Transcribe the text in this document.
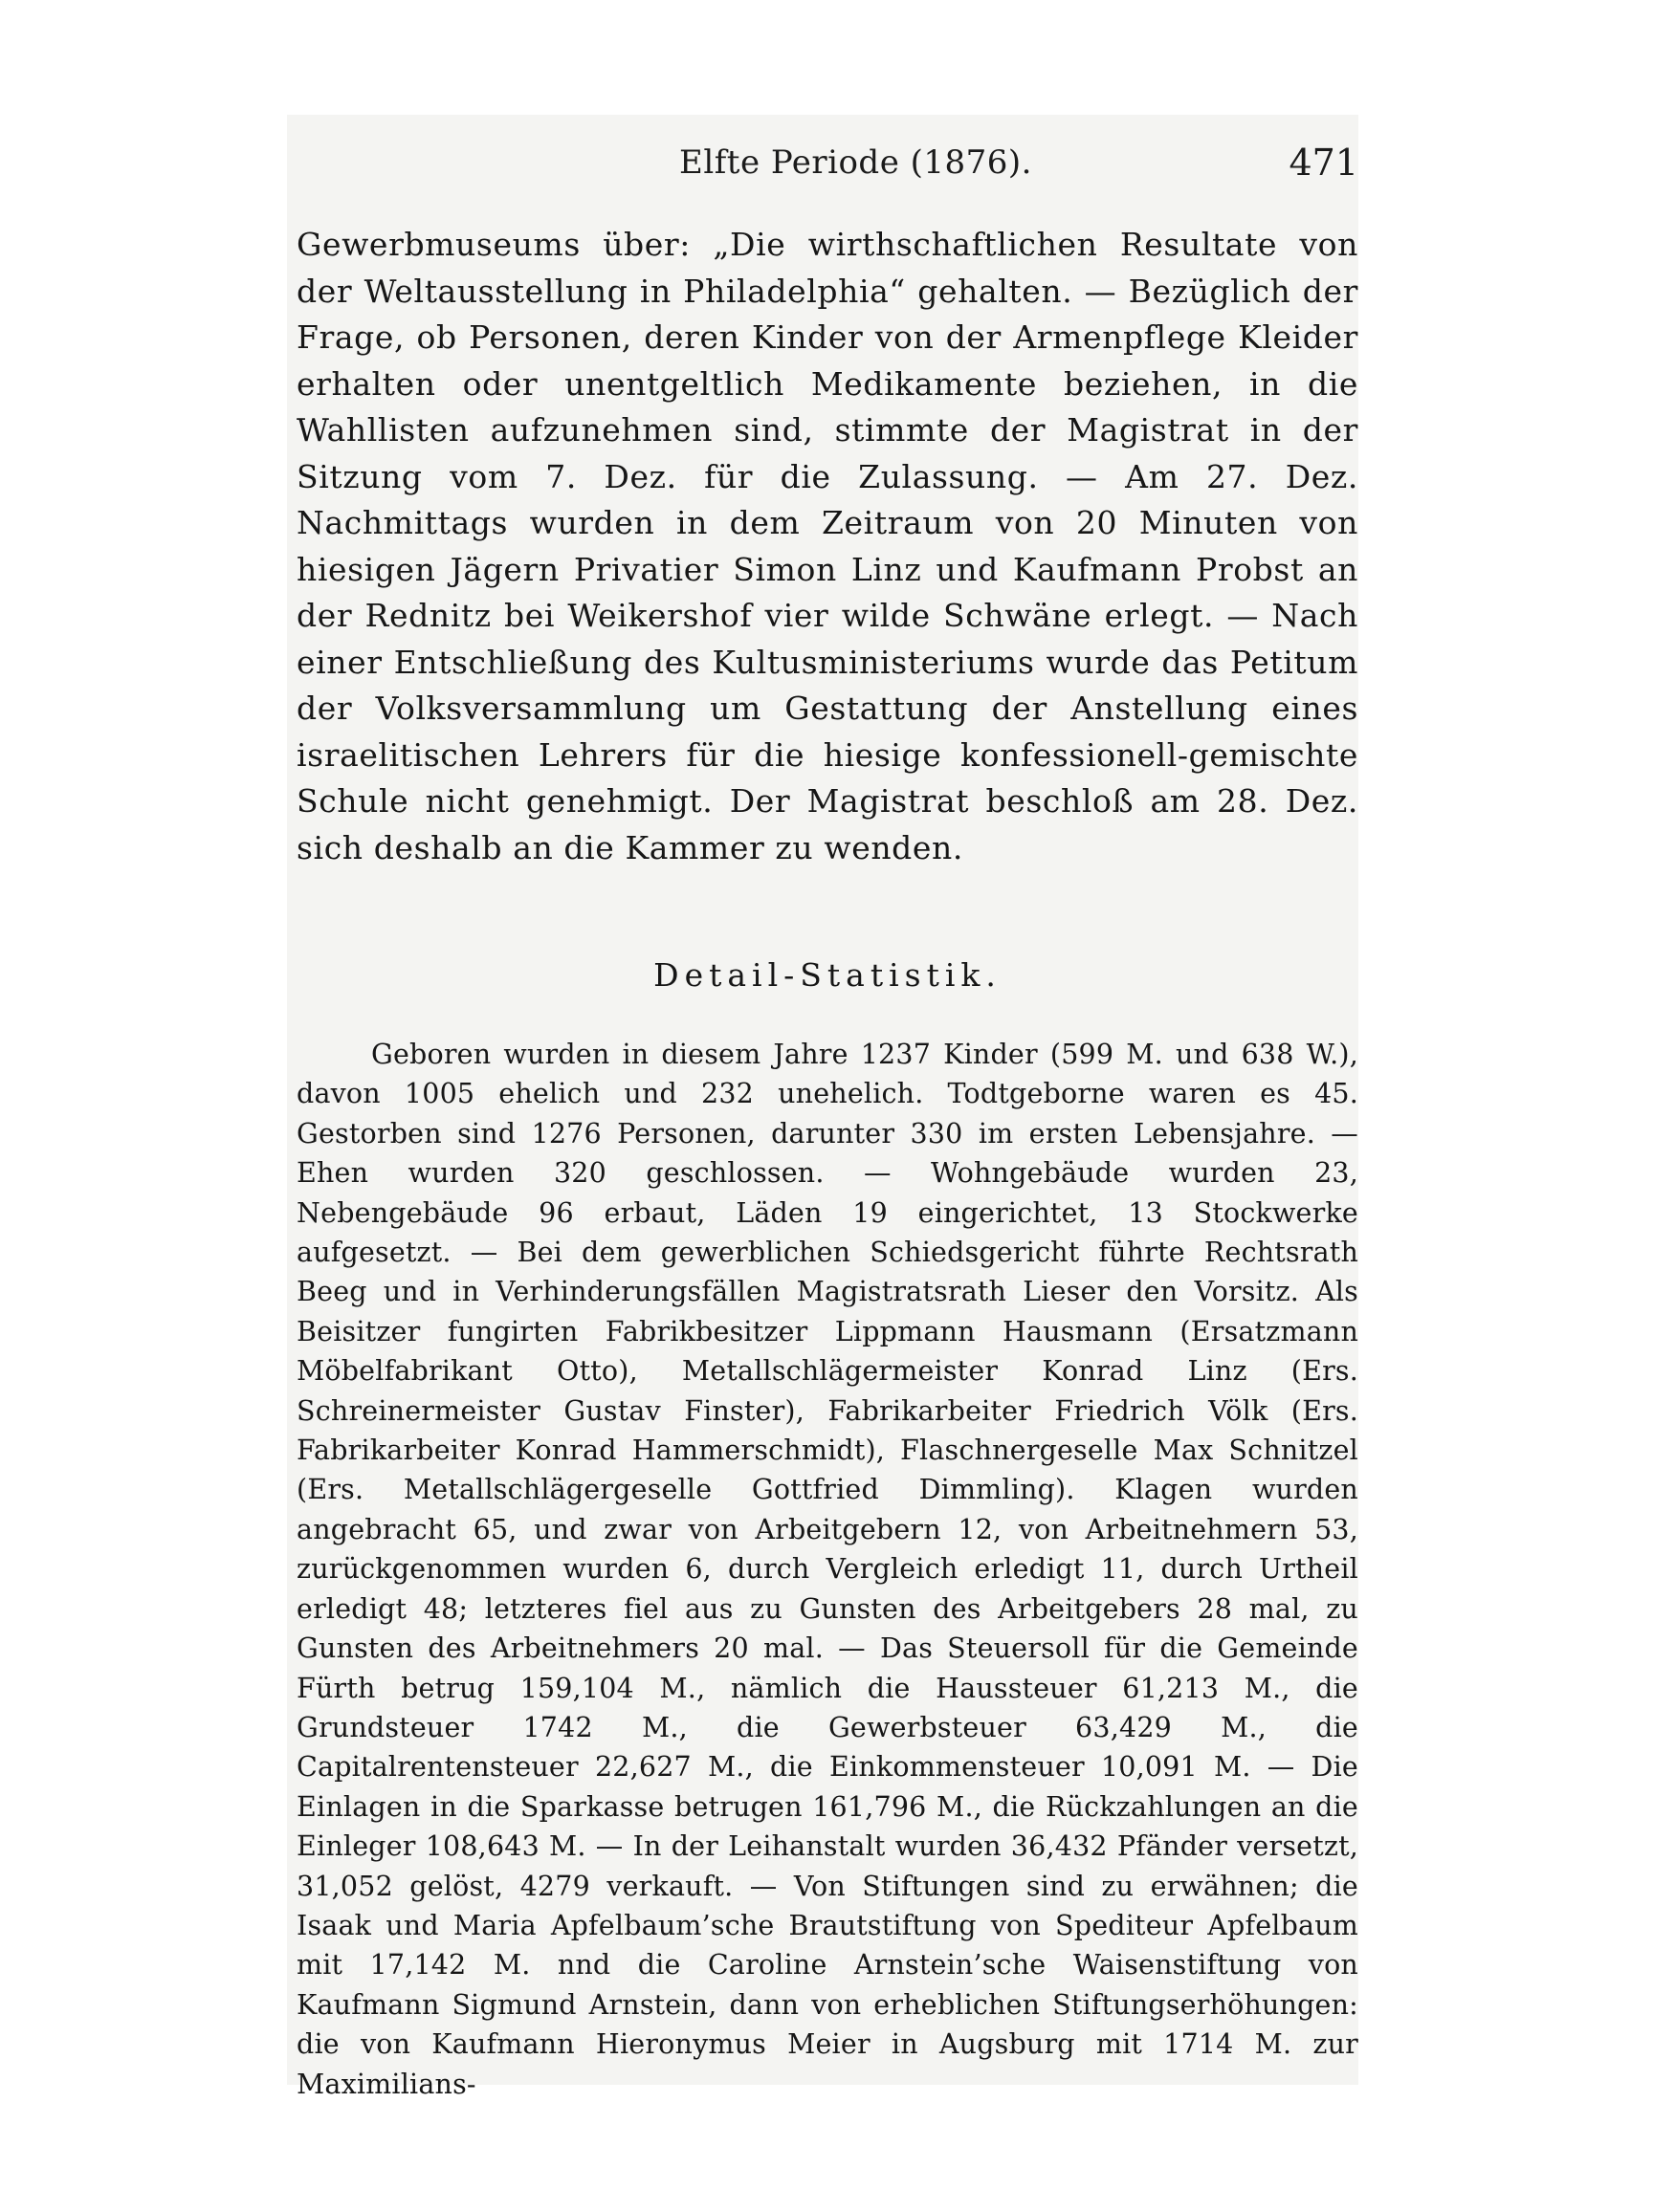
Elfte Periode (1876).	471

Gewerbmuseums über: „Die wirthschaftlichen Resultate von der Weltausstellung in Philadelphia“ gehalten. — Bezüglich der Frage, ob Personen, deren Kinder von der Armenpflege Kleider erhalten oder unentgeltlich Medikamente beziehen, in die Wahllisten aufzunehmen sind, stimmte der Magistrat in der Sitzung vom 7. Dez. für die Zulassung. — Am 27. Dez. Nachmittags wurden in dem Zeitraum von 20 Minuten von hiesigen Jägern Privatier Simon Linz und Kaufmann Probst an der Rednitz bei Weikershof vier wilde Schwäne erlegt. — Nach einer Entschließung des Kultusministeriums wurde das Petitum der Volksversammlung um Gestattung der Anstellung eines israelitischen Lehrers für die hiesige konfessionell-gemischte Schule nicht genehmigt. Der Magistrat beschloß am 28. Dez. sich deshalb an die Kammer zu wenden.

Detail-Statistik.

Geboren wurden in diesem Jahre 1237 Kinder (599 M. und 638 W.), davon 1005 ehelich und 232 unehelich. Todtgeborne waren es 45. Gestorben sind 1276 Personen, darunter 330 im ersten Lebensjahre. — Ehen wurden 320 geschlossen. — Wohngebäude wurden 23, Nebengebäude 96 erbaut, Läden 19 eingerichtet, 13 Stockwerke aufgesetzt. — Bei dem gewerblichen Schiedsgericht führte Rechtsrath Beeg und in Verhinderungsfällen Magistratsrath Lieser den Vorsitz. Als Beisitzer fungirten Fabrikbesitzer Lippmann Hausmann (Ersatzmann Möbelfabrikant Otto), Metallschlägermeister Konrad Linz (Ers. Schreinermeister Gustav Finster), Fabrikarbeiter Friedrich Völk (Ers. Fabrikarbeiter Konrad Hammerschmidt), Flaschnergeselle Max Schnitzel (Ers. Metallschlägergeselle Gottfried Dimmling). Klagen wurden angebracht 65, und zwar von Arbeitgebern 12, von Arbeitnehmern 53, zurückgenommen wurden 6, durch Vergleich erledigt 11, durch Urtheil erledigt 48; letzteres fiel aus zu Gunsten des Arbeitgebers 28 mal, zu Gunsten des Arbeitnehmers 20 mal. — Das Steuersoll für die Gemeinde Fürth betrug 159,104 M., nämlich die Haussteuer 61,213 M., die Grundsteuer 1742 M., die Gewerbsteuer 63,429 M., die Capitalrentensteuer 22,627 M., die Einkommensteuer 10,091 M. — Die Einlagen in die Sparkasse betrugen 161,796 M., die Rückzahlungen an die Einleger 108,643 M. — In der Leihanstalt wurden 36,432 Pfänder versetzt, 31,052 gelöst, 4279 verkauft. — Von Stiftungen sind zu erwähnen; die Isaak und Maria Apfelbaum’sche Brautstiftung von Spediteur Apfelbaum mit 17,142 M. nnd die Caroline Arnstein’sche Waisenstiftung von Kaufmann Sigmund Arnstein, dann von erheblichen Stiftungserhöhungen: die von Kaufmann Hieronymus Meier in Augsburg mit 1714 M. zur Maximilians-
